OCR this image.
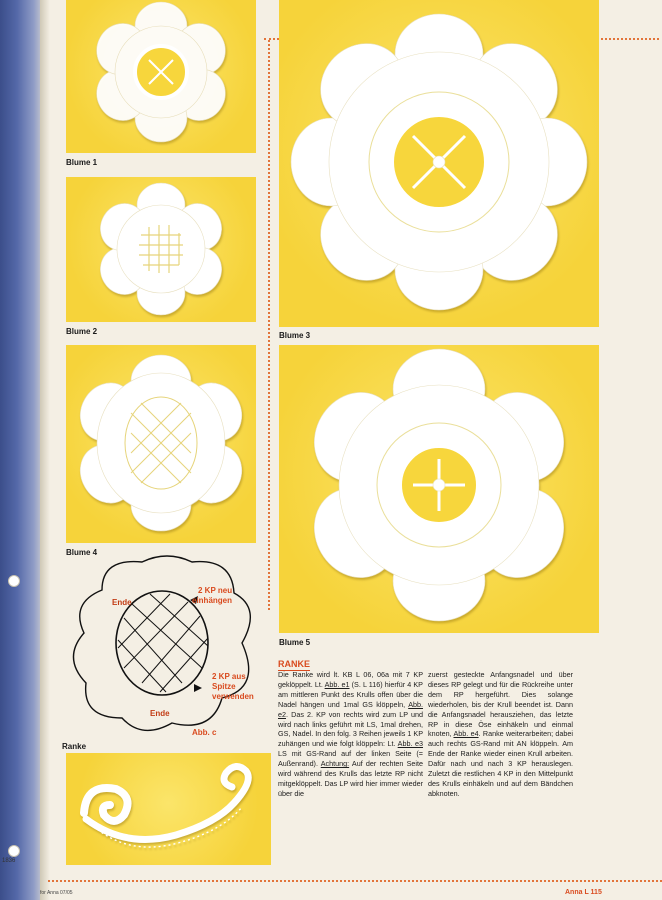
1836
Blume 1
Blume 2	Blume 3
Blume 4
Blume 5
Ende
Ende
2 KP neu
einhängen
2 KP aus
Spitze
verwenden
Abb. c
Ranke
RANKE
Die Ranke wird lt. KB L 06, 06a mit 7 KP geklöppelt. Lt. Abb. e1 (S. L 116) hierfür 4 KP am mittleren Punkt des Krulls offen über die Nadel hängen und 1mal GS klöppeln, Abb. e2. Das 2. KP von rechts wird zum LP und wird nach links geführt mit LS, 1mal drehen, GS, Nadel. In den folg. 3 Reihen jeweils 1 KP zuhängen und wie folgt klöppeln: Lt. Abb. e3 LS mit GS-Rand auf der linken Seite (= Außenrand). Achtung: Auf der rechten Seite wird während des Krulls das letzte RP nicht mitgeklöppelt. Das LP wird hier immer wieder über die
zuerst gesteckte Anfangsnadel und über dieses RP gelegt und für die Rückreihe unter dem RP hergeführt. Dies solange wiederholen, bis der Krull beendet ist. Dann die Anfangsnadel herausziehen, das letzte RP in diese Öse einhäkeln und einmal knoten, Abb. e4. Ranke weiterarbeiten; dabei auch rechts GS-Rand mit AN klöppeln. Am Ende der Ranke wieder einen Krull arbeiten. Dafür nach und nach 3 KP herauslegen. Zuletzt die restlichen 4 KP in den Mittelpunkt des Krulls einhäkeln und auf dem Bändchen abknoten.
for Anna 07/05	Anna L 115
